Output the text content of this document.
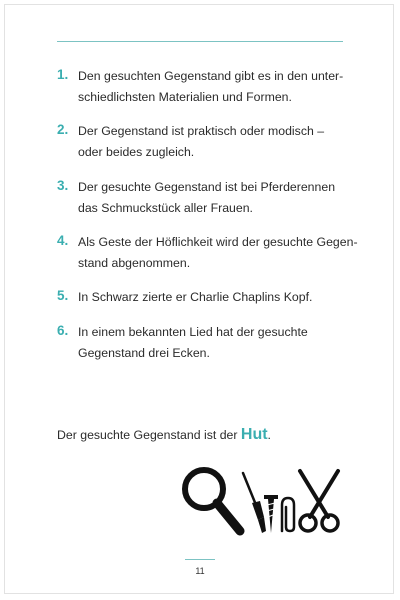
1. Den gesuchten Gegenstand gibt es in den unter-
schiedlichsten Materialien und Formen.
2. Der Gegenstand ist praktisch oder modisch –
oder beides zugleich.
3. Der gesuchte Gegenstand ist bei Pferderennen
das Schmuckstück aller Frauen.
4. Als Geste der Höflichkeit wird der gesuchte Gegen-
stand abgenommen.
5. In Schwarz zierte er Charlie Chaplins Kopf.
6. In einem bekannten Lied hat der gesuchte
Gegenstand drei Ecken.
Der gesuchte Gegenstand ist der Hut.
11
